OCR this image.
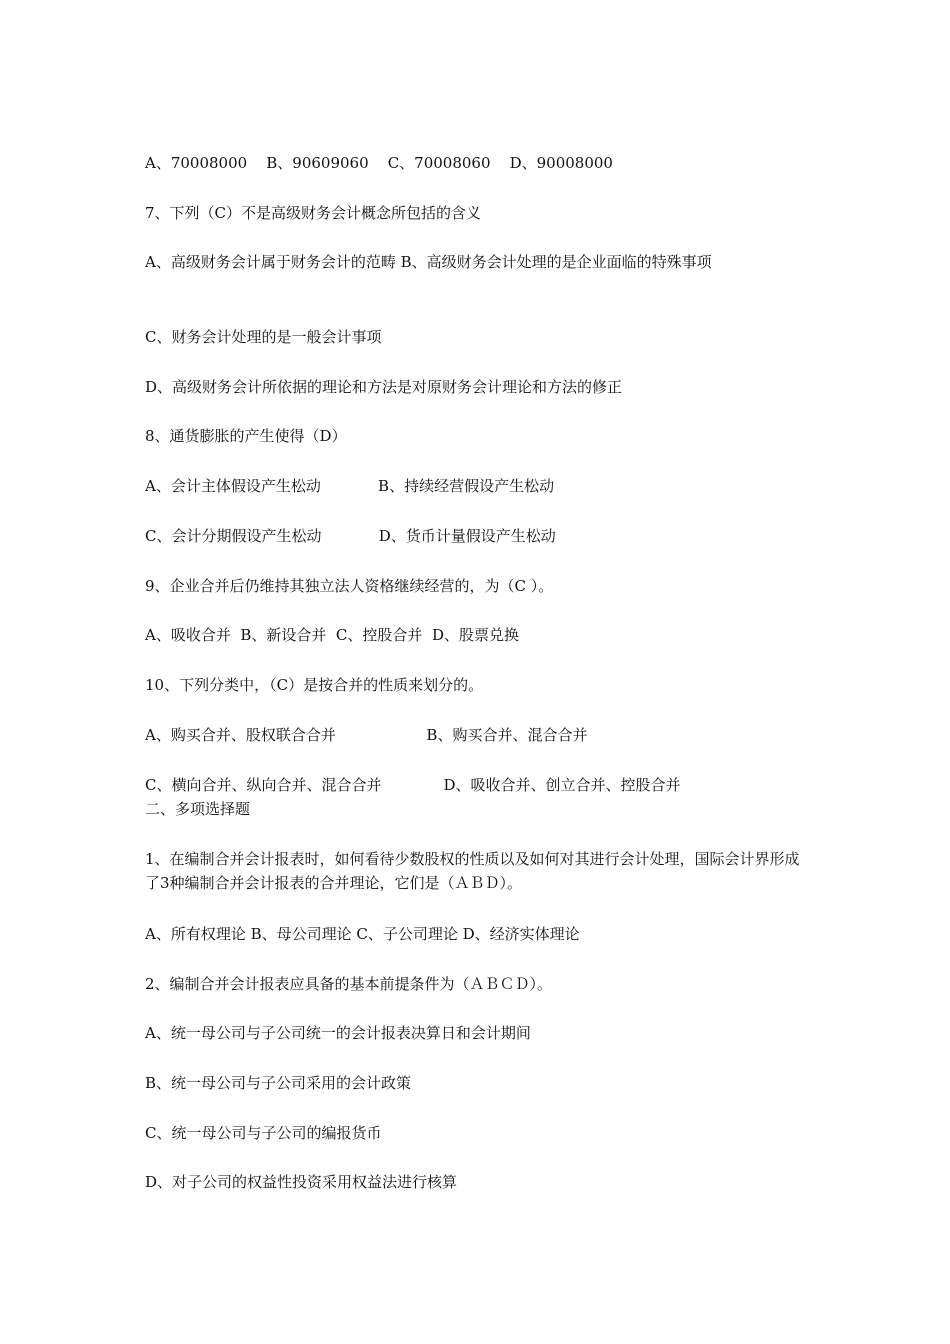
A、70008000    B、90609060    C、70008060    D、90008000
7、下列（C）不是高级财务会计概念所包括的含义
A、高级财务会计属于财务会计的范畴 B、高级财务会计处理的是企业面临的特殊事项
C、财务会计处理的是一般会计事项
D、高级财务会计所依据的理论和方法是对原财务会计理论和方法的修正
8、通货膨胀的产生使得（D）
A、会计主体假设产生松动            B、持续经营假设产生松动
C、会计分期假设产生松动            D、货币计量假设产生松动
9、企业合并后仍维持其独立法人资格继续经营的，为（C ）。
A、吸收合并  B、新设合并  C、控股合并  D、股票兑换
10、下列分类中，（C）是按合并的性质来划分的。
A、购买合并、股权联合合并                   B、购买合并、混合合并
C、横向合并、纵向合并、混合合并             D、吸收合并、创立合并、控股合并
二、多项选择题
1、在编制合并会计报表时，如何看待少数股权的性质以及如何对其进行会计处理，国际会计界形成了3种编制合并会计报表的合并理论，它们是（ＡＢＤ）。
A、所有权理论 B、母公司理论 C、子公司理论 D、经济实体理论
2、编制合并会计报表应具备的基本前提条件为（ＡＢＣＤ）。
A、统一母公司与子公司统一的会计报表决算日和会计期间
B、统一母公司与子公司采用的会计政策
C、统一母公司与子公司的编报货币
D、对子公司的权益性投资采用权益法进行核算
